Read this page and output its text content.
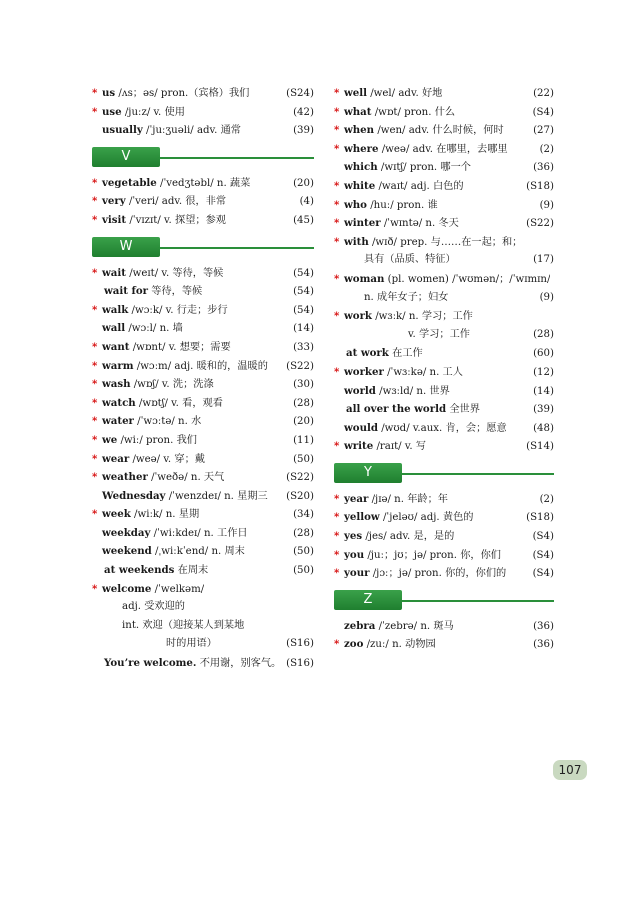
* us /ʌs；əs/ pron.（宾格）我们	(S24)
* use /juːz/ v. 使用	(42)
usually /ˈjuːʒuəli/ adv. 通常	(39)
V
* vegetable /ˈvedʒtəbl/ n. 蔬菜	(20)
* very /ˈveri/ adv. 很，非常	(4)
* visit /ˈvɪzɪt/ v. 探望；参观	(45)
W
* wait /weɪt/ v. 等待，等候	(54)
wait for 等待，等候	(54)
* walk /wɔːk/ v. 行走；步行	(54)
wall /wɔːl/ n. 墙	(14)
* want /wɒnt/ v. 想要；需要	(33)
* warm /wɔːm/ adj. 暖和的，温暖的	(S22)
* wash /wɒʃ/ v. 洗；洗涤	(30)
* watch /wɒtʃ/ v. 看，观看	(28)
* water /ˈwɔːtə/ n. 水	(20)
* we /wiː/ pron. 我们	(11)
* wear /weə/ v. 穿；戴	(50)
* weather /ˈweðə/ n. 天气	(S22)
Wednesday /ˈwenzdeɪ/ n. 星期三	(S20)
* week /wiːk/ n. 星期	(34)
weekday /ˈwiːkdeɪ/ n. 工作日	(28)
weekend /ˌwiːkˈend/ n. 周末	(50)
at weekends 在周末	(50)
* welcome /ˈwelkəm/
adj. 受欢迎的
int. 欢迎（迎接某人到某地
时的用语）	(S16)
You’re welcome. 不用谢，别客气。 (S16)
* well /wel/ adv. 好地	(22)
* what /wɒt/ pron. 什么	(S4)
* when /wen/ adv. 什么时候，何时	(27)
* where /weə/ adv. 在哪里，去哪里	(2)
which /wɪtʃ/ pron. 哪一个	(36)
* white /waɪt/ adj. 白色的	(S18)
* who /huː/ pron. 谁	(9)
* winter /ˈwɪntə/ n. 冬天	(S22)
* with /wɪð/ prep. 与……在一起；和；
具有（品质、特征）	(17)
* woman (pl. women) /ˈwʊmən/；/ˈwɪmɪn/
n. 成年女子；妇女	(9)
* work /wɜːk/ n. 学习；工作
v. 学习；工作	(28)
at work 在工作	(60)
* worker /ˈwɜːkə/ n. 工人	(12)
world /wɜːld/ n. 世界	(14)
all over the world 全世界	(39)
would /wʊd/ v.aux. 肯，会；愿意	(48)
* write /raɪt/ v. 写	(S14)
Y
* year /jɪə/ n. 年龄；年	(2)
* yellow /ˈjeləʊ/ adj. 黄色的	(S18)
* yes /jes/ adv. 是，是的	(S4)
* you /juː；jʊ；jə/ pron. 你，你们	(S4)
* your /jɔː；jə/ pron. 你的，你们的	(S4)
Z
zebra /ˈzebrə/ n. 斑马	(36)
* zoo /zuː/ n. 动物园	(36)
107
